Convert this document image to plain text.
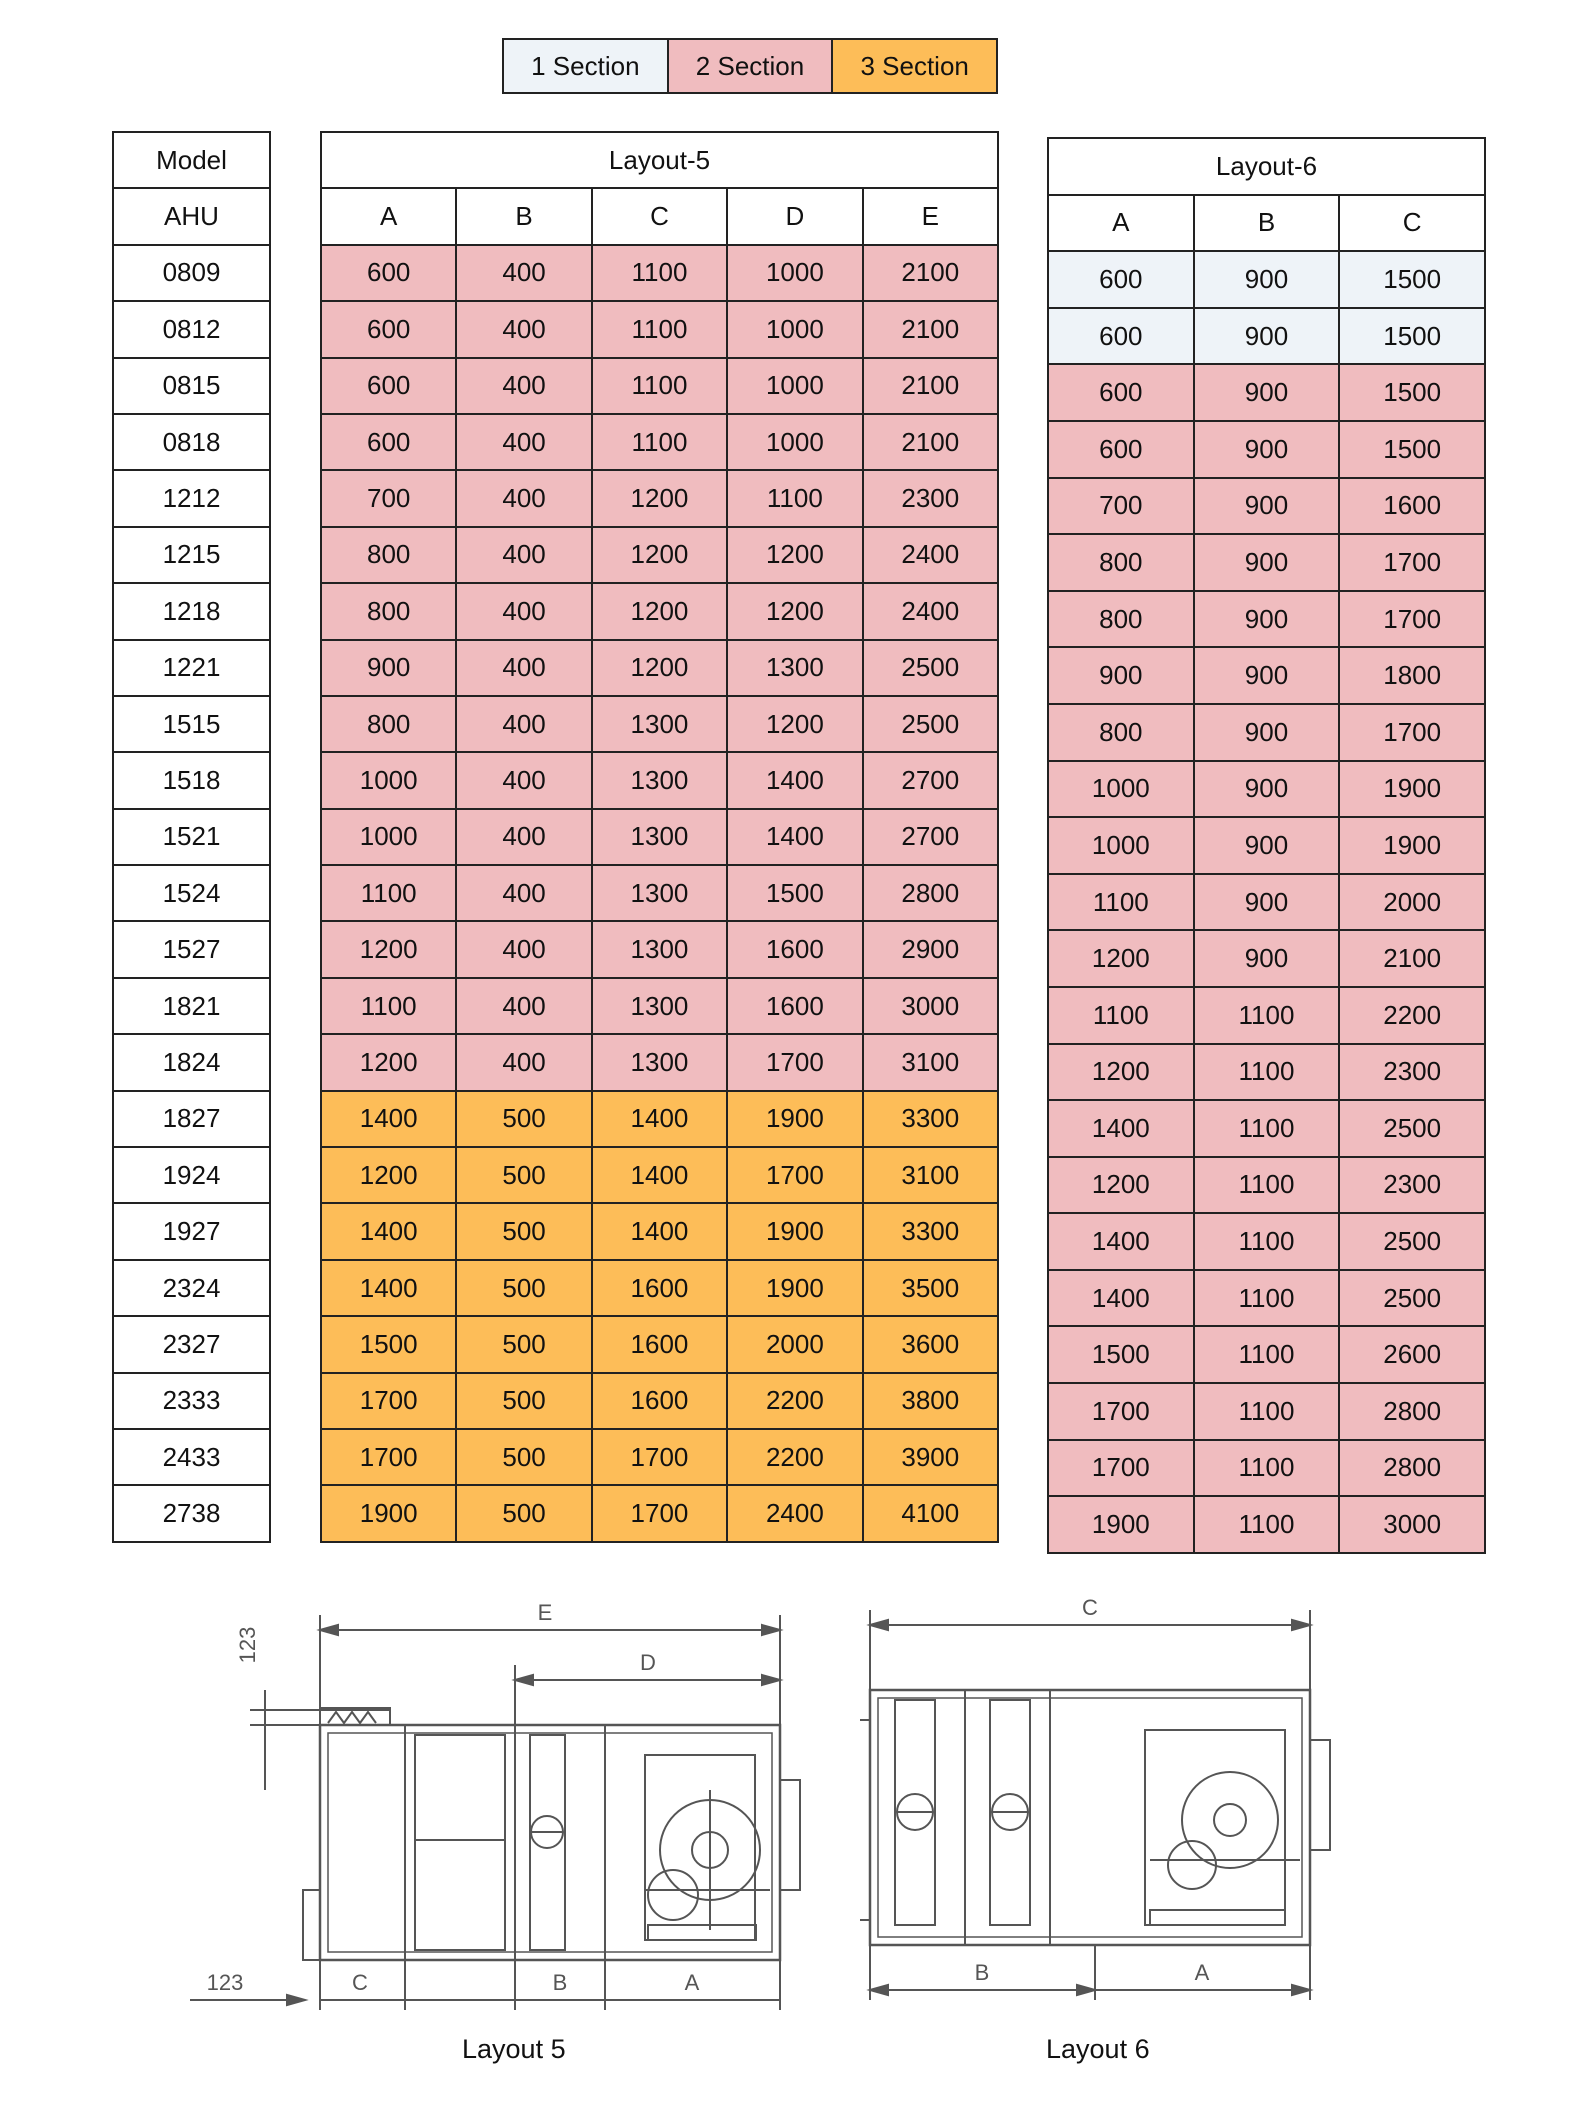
1 Section	2 Section	3 Section
Model
AHU
0809
0812
0815
0818
1212
1215
1218
1221
1515
1518
1521
1524
1527
1821
1824
1827
1924
1927
2324
2327
2333
2433
2738
Layout-5				
A	B	C	D	E
600	400	1100	1000	2100
600	400	1100	1000	2100
600	400	1100	1000	2100
600	400	1100	1000	2100
700	400	1200	1100	2300
800	400	1200	1200	2400
800	400	1200	1200	2400
900	400	1200	1300	2500
800	400	1300	1200	2500
1000	400	1300	1400	2700
1000	400	1300	1400	2700
1100	400	1300	1500	2800
1200	400	1300	1600	2900
1100	400	1300	1600	3000
1200	400	1300	1700	3100
1400	500	1400	1900	3300
1200	500	1400	1700	3100
1400	500	1400	1900	3300
1400	500	1600	1900	3500
1500	500	1600	2000	3600
1700	500	1600	2200	3800
1700	500	1700	2200	3900
1900	500	1700	2400	4100
Layout-6		
A	B	C
600	900	1500
600	900	1500
600	900	1500
600	900	1500
700	900	1600
800	900	1700
800	900	1700
900	900	1800
800	900	1700
1000	900	1900
1000	900	1900
1100	900	2000
1200	900	2100
1100	1100	2200
1200	1100	2300
1400	1100	2500
1200	1100	2300
1400	1100	2500
1400	1100	2500
1500	1100	2600
1700	1100	2800
1700	1100	2800
1900	1100	3000
E
D
C	B	A
123
123
Layout 5
C
B	A
Layout 6
